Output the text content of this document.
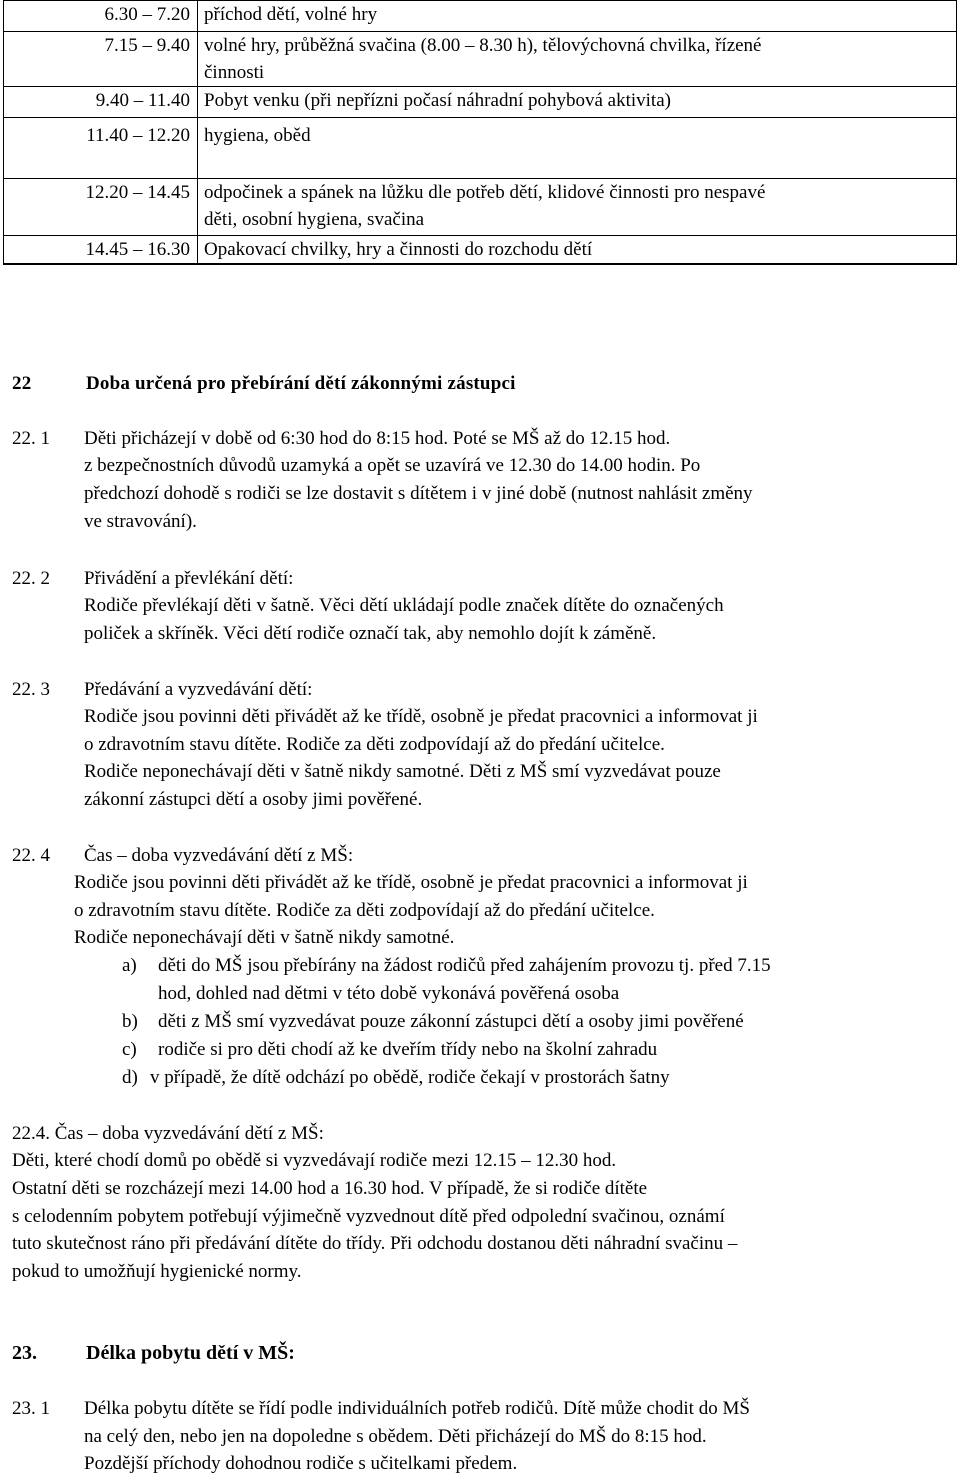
6.30 – 7.20	příchod dětí, volné hry
7.15 – 9.40	volné hry, průběžná svačina (8.00 – 8.30 h), tělovýchovná chvilka, řízené
činnosti
9.40 – 11.40	Pobyt venku (při nepřízni počasí náhradní pohybová aktivita)
11.40 – 12.20	hygiena, oběd
12.20 – 14.45	odpočinek a spánek na lůžku dle potřeb dětí, klidové činnosti pro nespavé
děti, osobní hygiena, svačina
14.45 – 16.30	Opakovací chvilky, hry a činnosti do rozchodu dětí
22	Doba určená pro přebírání dětí zákonnými zástupci
22. 1 Děti přicházejí v době od 6:30 hod do 8:15 hod. Poté se MŠ až do 12.15 hod.
z bezpečnostních důvodů uzamyká a opět se uzavírá ve 12.30 do 14.00 hodin. Po
předchozí dohodě s rodiči se lze dostavit s dítětem i v jiné době (nutnost nahlásit změny
ve stravování).
22. 2 Přivádění a převlékání dětí:
Rodiče převlékají děti v šatně. Věci dětí ukládají podle značek dítěte do označených
poliček a skříněk. Věci dětí rodiče označí tak, aby nemohlo dojít k záměně.
22. 3 Předávání a vyzvedávání dětí:
Rodiče jsou povinni děti přivádět až ke třídě, osobně je předat pracovnici a informovat ji
o zdravotním stavu dítěte. Rodiče za děti zodpovídají až do předání učitelce.
Rodiče neponechávají děti v šatně nikdy samotné. Děti z MŠ smí vyzvedávat pouze
zákonní zástupci dětí a osoby jimi pověřené.
22. 4 Čas – doba vyzvedávání dětí z MŠ:
Rodiče jsou povinni děti přivádět až ke třídě, osobně je předat pracovnici a informovat ji
o zdravotním stavu dítěte. Rodiče za děti zodpovídají až do předání učitelce.
Rodiče neponechávají děti v šatně nikdy samotné.
a) děti do MŠ jsou přebírány na žádost rodičů před zahájením provozu tj. před 7.15
hod, dohled nad dětmi v této době vykonává pověřená osoba
b) děti z MŠ smí vyzvedávat pouze zákonní zástupci dětí a osoby jimi pověřené
c) rodiče si pro děti chodí až ke dveřím třídy nebo na školní zahradu
d) v případě, že dítě odchází po obědě, rodiče čekají v prostorách šatny
22.4. Čas – doba vyzvedávání dětí z MŠ:
Děti, které chodí domů po obědě si vyzvedávají rodiče mezi 12.15 – 12.30 hod.
Ostatní děti se rozcházejí mezi 14.00 hod a 16.30 hod. V případě, že si rodiče dítěte
s celodenním pobytem potřebují výjimečně vyzvednout dítě před odpolední svačinou, oznámí
tuto skutečnost ráno při předávání dítěte do třídy. Při odchodu dostanou děti náhradní svačinu –
pokud to umožňují hygienické normy.
23. Délka pobytu dětí v MŠ:
23. 1 Délka pobytu dítěte se řídí podle individuálních potřeb rodičů. Dítě může chodit do MŠ
na celý den, nebo jen na dopoledne s obědem. Děti přicházejí do MŠ do 8:15 hod.
Pozdější příchody dohodnou rodiče s učitelkami předem.
